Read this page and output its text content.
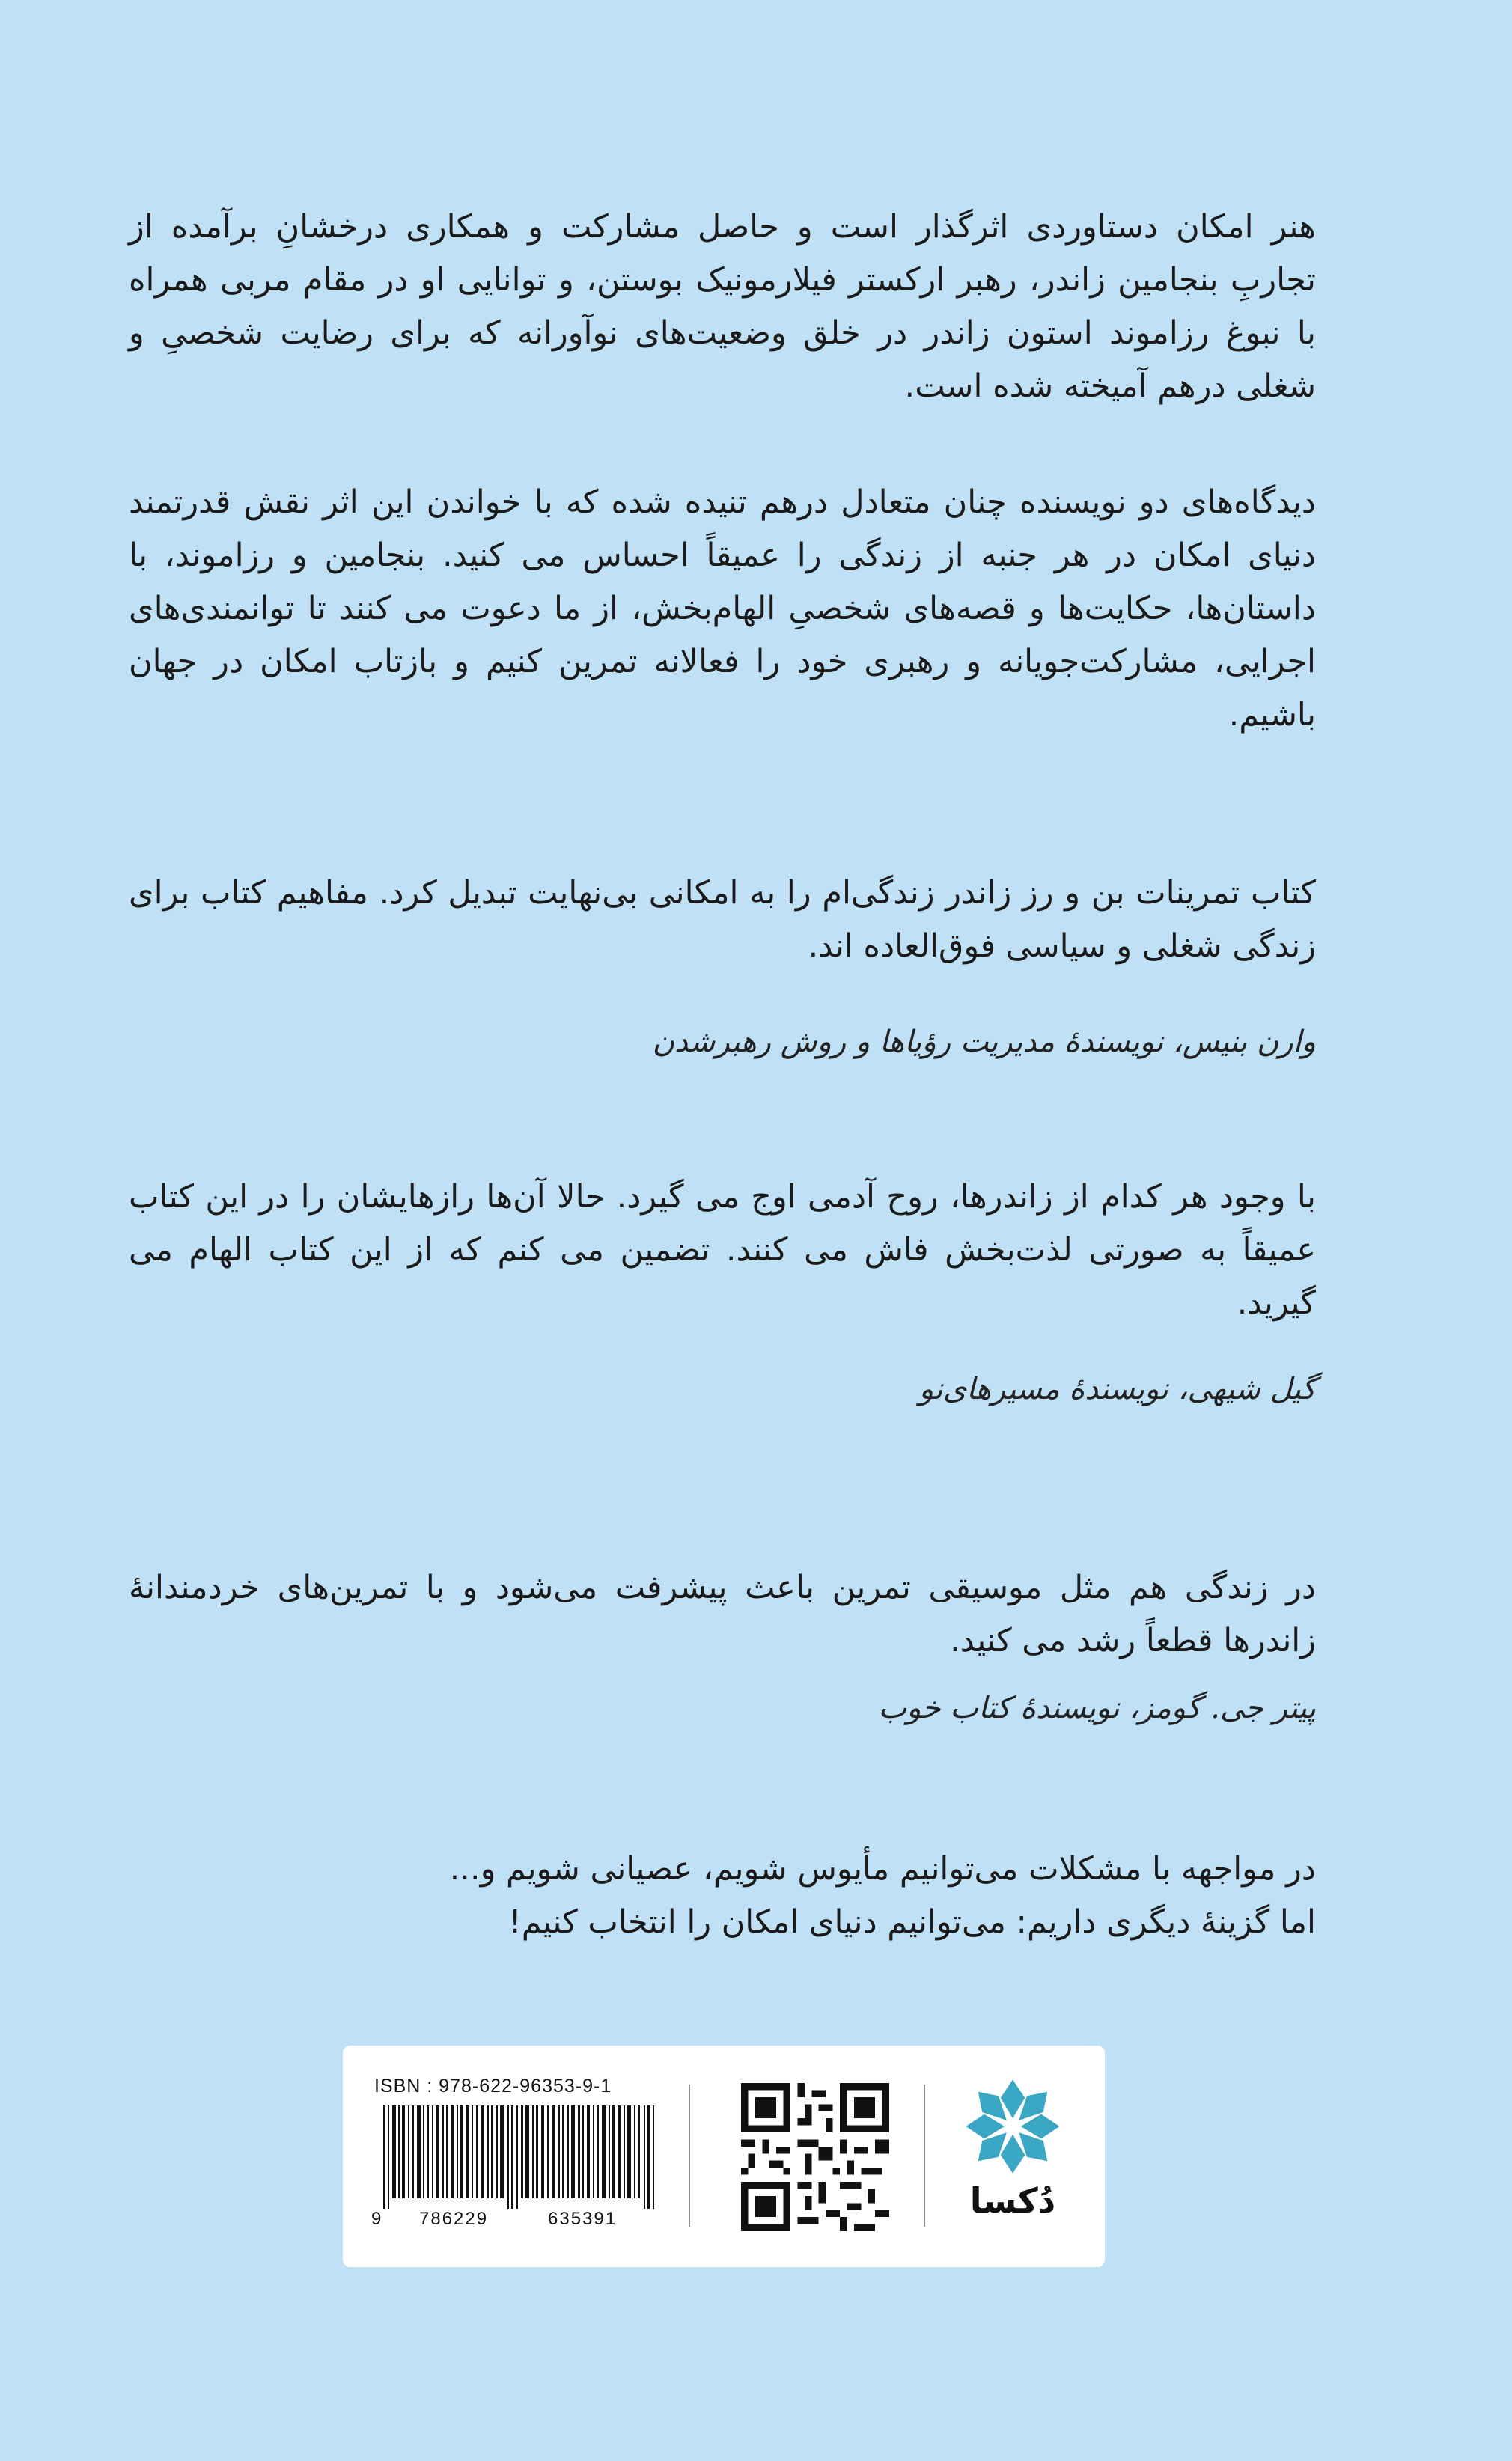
هنر امکان دستاوردی اثرگذار است و حاصل مشارکت و همکاری درخشانِ برآمده از تجاربِ بنجامین زاندر، رهبر ارکستر فیلارمونیک بوستن، و توانایی او در مقام مربی همراه با نبوغ رزاموند استون زاندر در خلق وضعیت‌های نوآورانه که برای رضایت شخصیِ و شغلی درهم آمیخته شده است.

دیدگاه‌های دو نویسنده چنان متعادل درهم تنیده شده که با خواندن این اثر نقش قدرتمند دنیای امکان در هر جنبه از زندگی را عمیقاً احساس می کنید. بنجامین و رزاموند، با داستان‌ها، حکایت‌ها و قصه‌های شخصیِ الهام‌بخش، از ما دعوت می کنند تا توانمندی‌های اجرایی، مشارکت‌جویانه و رهبری خود را فعالانه تمرین کنیم و بازتاب امکان در جهان باشیم.

کتاب تمرینات بن و رز زاندر زندگی‌ام را به امکانی بی‌نهایت تبدیل کرد. مفاهیم کتاب برای زندگی شغلی و سیاسی فوق‌العاده اند.

وارن بنیس، نویسندهٔ مدیریت رؤیاها و روش رهبرشدن

با وجود هر کدام از زاندرها، روح آدمی اوج می گیرد. حالا آن‌ها رازهایشان را در این کتاب عمیقاً به صورتی لذت‌بخش فاش می کنند. تضمین می کنم که از این کتاب الهام می گیرید.

گیل شیهی، نویسندهٔ مسیرهای‌نو

در زندگی هم مثل موسیقی تمرین باعث پیشرفت می‌شود و با تمرین‌های خردمندانهٔ زاندرها قطعاً رشد می کنید.

پیتر جی. گومز، نویسندهٔ کتاب خوب

در مواجهه با مشکلات می‌توانیم مأیوس شویم، عصیانی شویم و...

اما گزینهٔ دیگری داریم: می‌توانیم دنیای امکان را انتخاب کنیم!

ISBN : 978-622-96353-9-1
9 786229	635391	دُکسا
